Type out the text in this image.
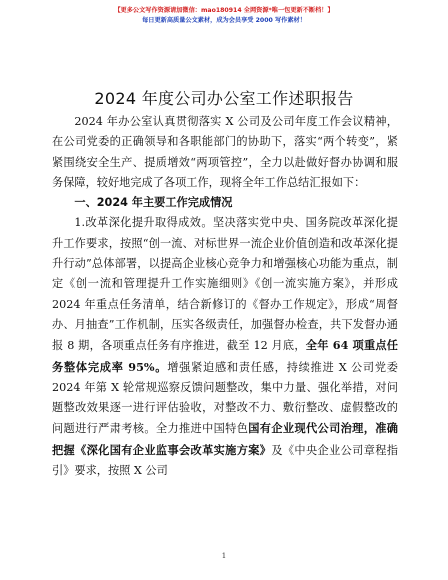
【更多公文写作资源请加微信：mao180914 全网资源*唯一包更新不断档！】
每日更新高质量公文素材，成为会员享受 2000 写作素材！
2024 年度公司办公室工作述职报告

2024 年办公室认真贯彻落实 X 公司及公司年度工作会议精神，在公司党委的正确领导和各职能部门的协助下，落实“两个转变”，紧紧围绕安全生产、提质增效“两项管控”，全力以赴做好督办协调和服务保障，较好地完成了各项工作，现将全年工作总结汇报如下：

一、2024 年主要工作完成情况

1.改革深化提升取得成效。坚决落实党中央、国务院改革深化提升工作要求，按照“创一流、对标世界一流企业价值创造和改革深化提升行动”总体部署，以提高企业核心竞争力和增强核心功能为重点，制定《创一流和管理提升工作实施细则》《创一流实施方案》，并形成 2024 年重点任务清单，结合新修订的《督办工作规定》，形成“周督办、月抽查”工作机制，压实各级责任，加强督办检查，共下发督办通报 8 期，各项重点任务有序推进，截至 12 月底，全年 64 项重点任务整体完成率 95%。增强紧迫感和责任感，持续推进 X 公司党委 2024 年第 X 轮常规巡察反馈问题整改，集中力量、强化举措，对问题整改效果逐一进行评估验收，对整改不力、敷衍整改、虚假整改的问题进行严肃考核。全力推进中国特色国有企业现代公司治理，准确把握《深化国有企业监事会改革实施方案》及《中央企业公司章程指引》要求，按照 X 公司

1
